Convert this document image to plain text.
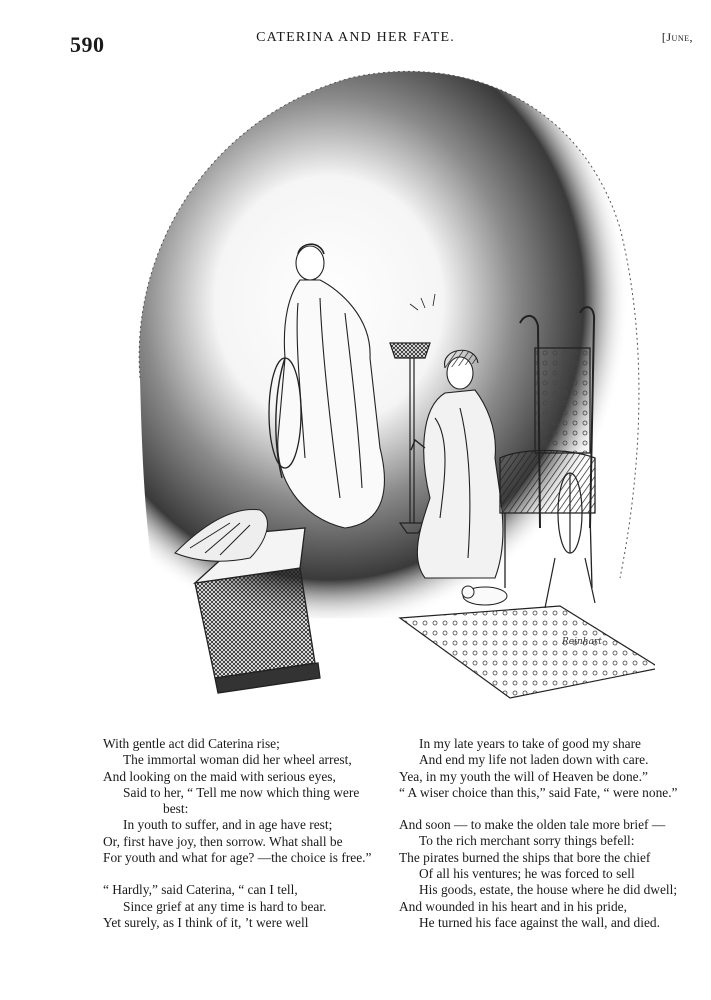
590	CATERINA AND HER FATE.	[June,
Reinhart
With gentle act did Caterina rise;
The immortal woman did her wheel arrest,
And looking on the maid with serious eyes,
Said to her, “ Tell me now which thing were
best:
In youth to suffer, and in age have rest;
Or, first have joy, then sorrow. What shall be
For youth and what for age? —the choice is free.”
“ Hardly,” said Caterina, “ can I tell,
Since grief at any time is hard to bear.
Yet surely, as I think of it, ’t were well
In my late years to take of good my share
And end my life not laden down with care.
Yea, in my youth the will of Heaven be done.”
“ A wiser choice than this,” said Fate, “ were none.”
And soon — to make the olden tale more brief —
To the rich merchant sorry things befell:
The pirates burned the ships that bore the chief
Of all his ventures; he was forced to sell
His goods, estate, the house where he did dwell;
And wounded in his heart and in his pride,
He turned his face against the wall, and died.
